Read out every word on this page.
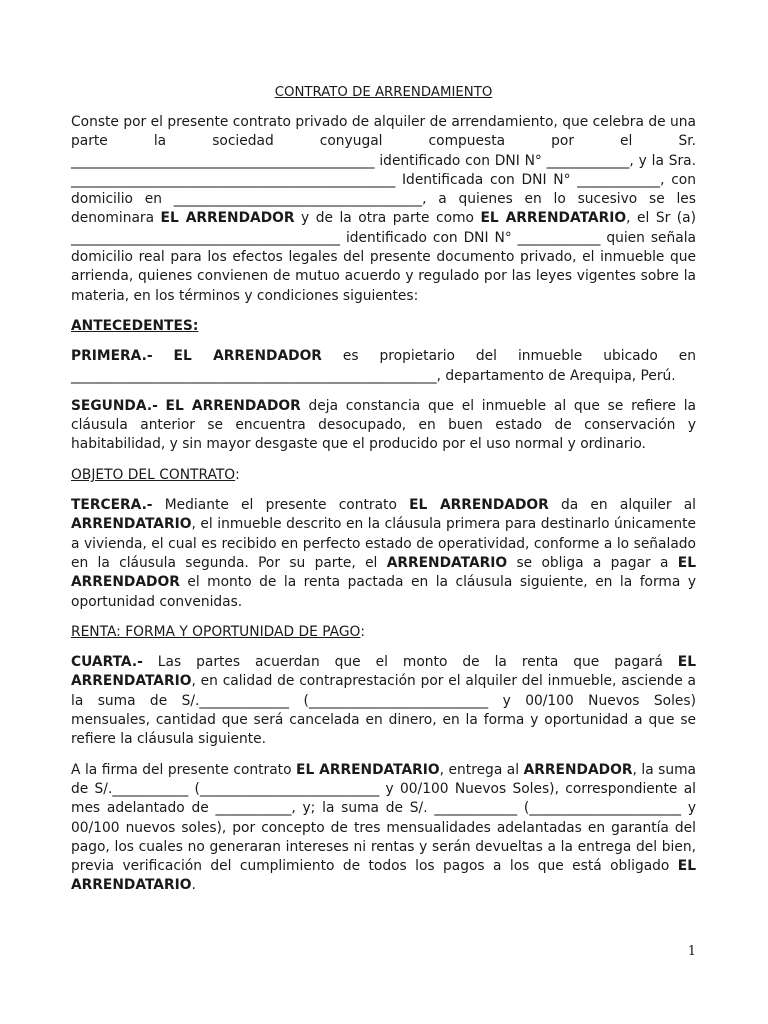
CONTRATO DE ARRENDAMIENTO

Conste por el presente contrato privado de alquiler de arrendamiento, que celebra de una parte la sociedad conyugal compuesta por el Sr. ____________________________________________ identificado con DNI N° ____________, y la Sra. _______________________________________________ Identificada con DNI N° ____________, con domicilio en ____________________________________, a quienes en lo sucesivo se les denominara EL ARRENDADOR y de la otra parte como EL ARRENDATARIO, el Sr (a) _______________________________________ identificado con DNI N° ____________ quien señala domicilio real para los efectos legales del presente documento privado, el inmueble que arrienda, quienes convienen de mutuo acuerdo y regulado por las leyes vigentes sobre la materia, en los términos y condiciones siguientes:

ANTECEDENTES:

PRIMERA.- EL ARRENDADOR es propietario del inmueble ubicado en _____________________________________________________, departamento de Arequipa, Perú.

SEGUNDA.- EL ARRENDADOR deja constancia que el inmueble al que se refiere la cláusula anterior se encuentra desocupado, en buen estado de conservación y habitabilidad, y sin mayor desgaste que el producido por el uso normal y ordinario.

OBJETO DEL CONTRATO:

TERCERA.- Mediante el presente contrato EL ARRENDADOR da en alquiler al ARRENDATARIO, el inmueble descrito en la cláusula primera para destinarlo únicamente a vivienda, el cual es recibido en perfecto estado de operatividad, conforme a lo señalado en la cláusula segunda. Por su parte, el ARRENDATARIO se obliga a pagar a EL ARRENDADOR el monto de la renta pactada en la cláusula siguiente, en la forma y oportunidad convenidas.

RENTA: FORMA Y OPORTUNIDAD DE PAGO:

CUARTA.- Las partes acuerdan que el monto de la renta que pagará EL ARRENDATARIO, en calidad de contraprestación por el alquiler del inmueble, asciende a la suma de S/._____________ (__________________________ y 00/100 Nuevos Soles) mensuales, cantidad que será cancelada en dinero, en la forma y oportunidad a que se refiere la cláusula siguiente.

A la firma del presente contrato EL ARRENDATARIO, entrega al ARRENDADOR, la suma de S/.___________ (__________________________ y 00/100 Nuevos Soles), correspondiente al mes adelantado de ___________, y; la suma de S/. ____________ (______________________ y 00/100 nuevos soles), por concepto de tres mensualidades adelantadas en garantía del pago, los cuales no generaran intereses ni rentas y serán devueltas a la entrega del bien, previa verificación del cumplimiento de todos los pagos a los que está obligado EL ARRENDATARIO.

1
